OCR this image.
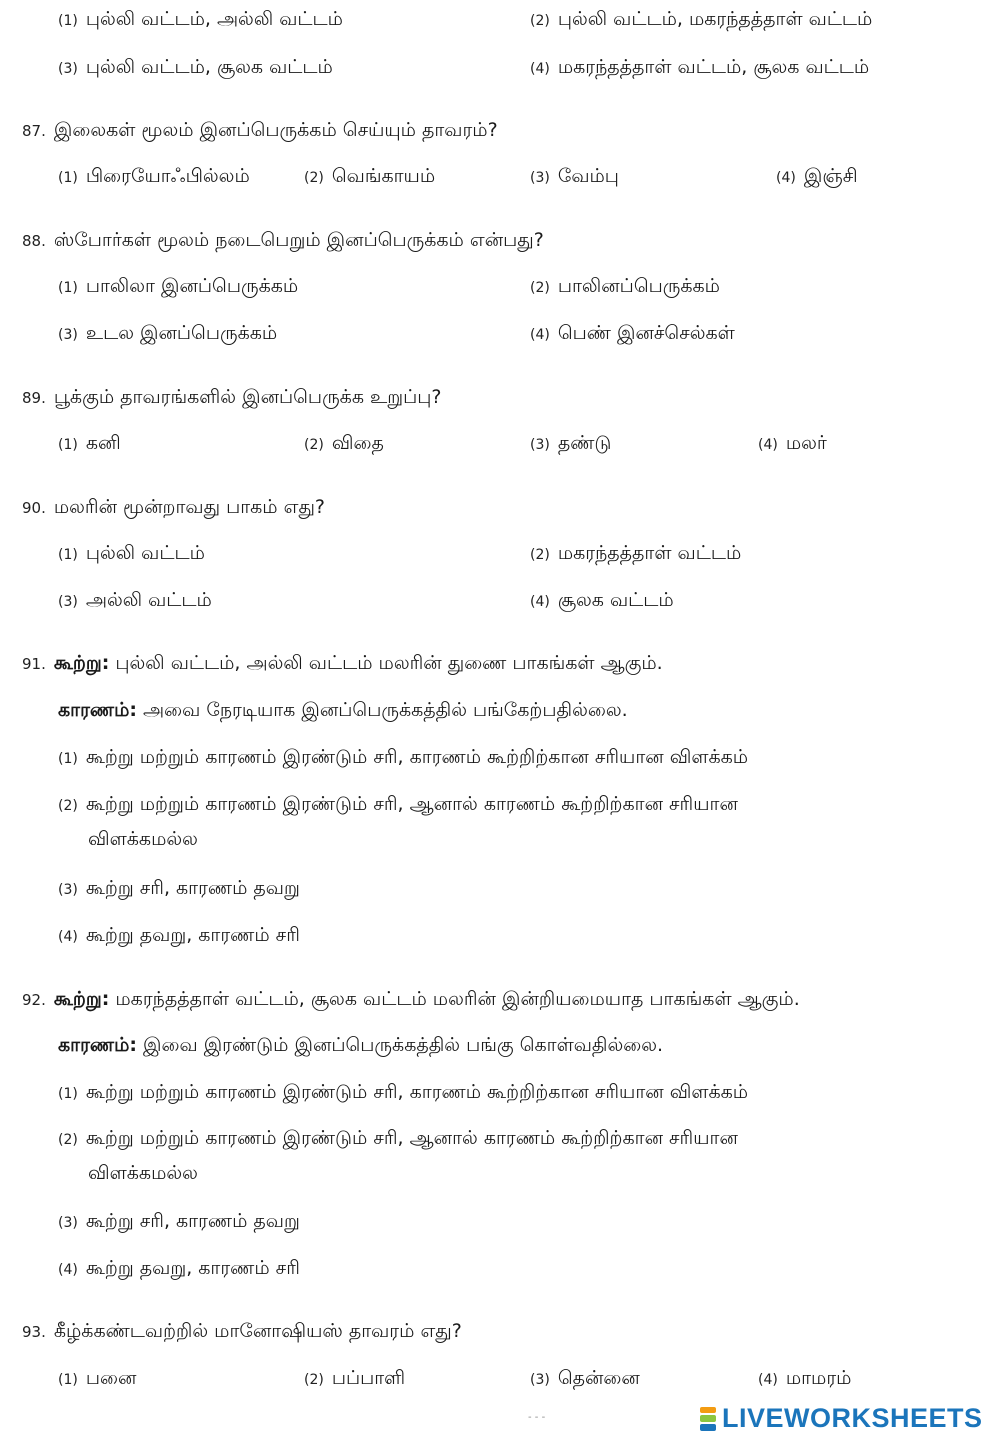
(1) புல்லி வட்டம், அல்லி வட்டம்	(2) புல்லி வட்டம், மகரந்தத்தாள் வட்டம்
(3) புல்லி வட்டம், சூலக வட்டம்	(4) மகரந்தத்தாள் வட்டம், சூலக வட்டம்
87. இலைகள் மூலம் இனப்பெருக்கம் செய்யும் தாவரம்?
(1) பிரையோஃபில்லம்	(2) வெங்காயம்	(3) வேம்பு	(4) இஞ்சி
88. ஸ்போர்கள் மூலம் நடைபெறும் இனப்பெருக்கம் என்பது?
(1) பாலிலா இனப்பெருக்கம்	(2) பாலினப்பெருக்கம்
(3) உடல இனப்பெருக்கம்	(4) பெண் இனச்செல்கள்
89. பூக்கும் தாவரங்களில் இனப்பெருக்க உறுப்பு?
(1) கனி	(2) விதை	(3) தண்டு	(4) மலர்
90. மலரின் மூன்றாவது பாகம் எது?
(1) புல்லி வட்டம்	(2) மகரந்தத்தாள் வட்டம்
(3) அல்லி வட்டம்	(4) சூலக வட்டம்
91. கூற்று: புல்லி வட்டம், அல்லி வட்டம் மலரின் துணை பாகங்கள் ஆகும்.
காரணம்: அவை நேரடியாக இனப்பெருக்கத்தில் பங்கேற்பதில்லை.
(1) கூற்று மற்றும் காரணம் இரண்டும் சரி, காரணம் கூற்றிற்கான சரியான விளக்கம்
(2) கூற்று மற்றும் காரணம் இரண்டும் சரி, ஆனால் காரணம் கூற்றிற்கான சரியான
விளக்கமல்ல
(3) கூற்று சரி, காரணம் தவறு
(4) கூற்று தவறு, காரணம் சரி
92. கூற்று: மகரந்தத்தாள் வட்டம், சூலக வட்டம் மலரின் இன்றியமையாத பாகங்கள் ஆகும்.
காரணம்: இவை இரண்டும் இனப்பெருக்கத்தில் பங்கு கொள்வதில்லை.
(1) கூற்று மற்றும் காரணம் இரண்டும் சரி, காரணம் கூற்றிற்கான சரியான விளக்கம்
(2) கூற்று மற்றும் காரணம் இரண்டும் சரி, ஆனால் காரணம் கூற்றிற்கான சரியான
விளக்கமல்ல
(3) கூற்று சரி, காரணம் தவறு
(4) கூற்று தவறு, காரணம் சரி
93. கீழ்க்கண்டவற்றில் மானோஷியஸ் தாவரம் எது?
(1) பனை	(2) பப்பாளி	(3) தென்னை	(4) மாமரம்
- - -	LIVEWORKSHEETS
